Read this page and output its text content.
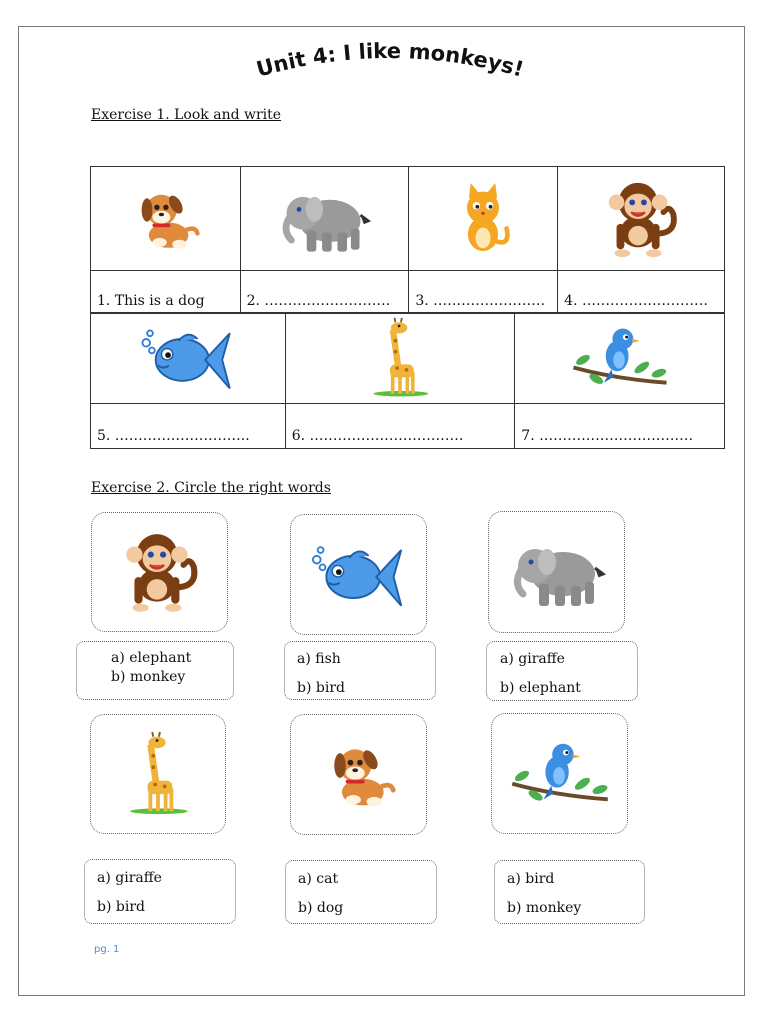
Unit 4: I like monkeys!
Exercise 1. Look and write

1. This is a dog	2. ………………………	3. ……………………	4. ………………………

5. ………………………..	6. ……………………………	7. ……………………………
Exercise 2. Circle the right words
a) elephant
b) monkey
a) fish
b) bird
a) giraffe
b) elephant
a) giraffe
b) bird
a) cat
b) dog
a) bird
b) monkey
pg. 1
